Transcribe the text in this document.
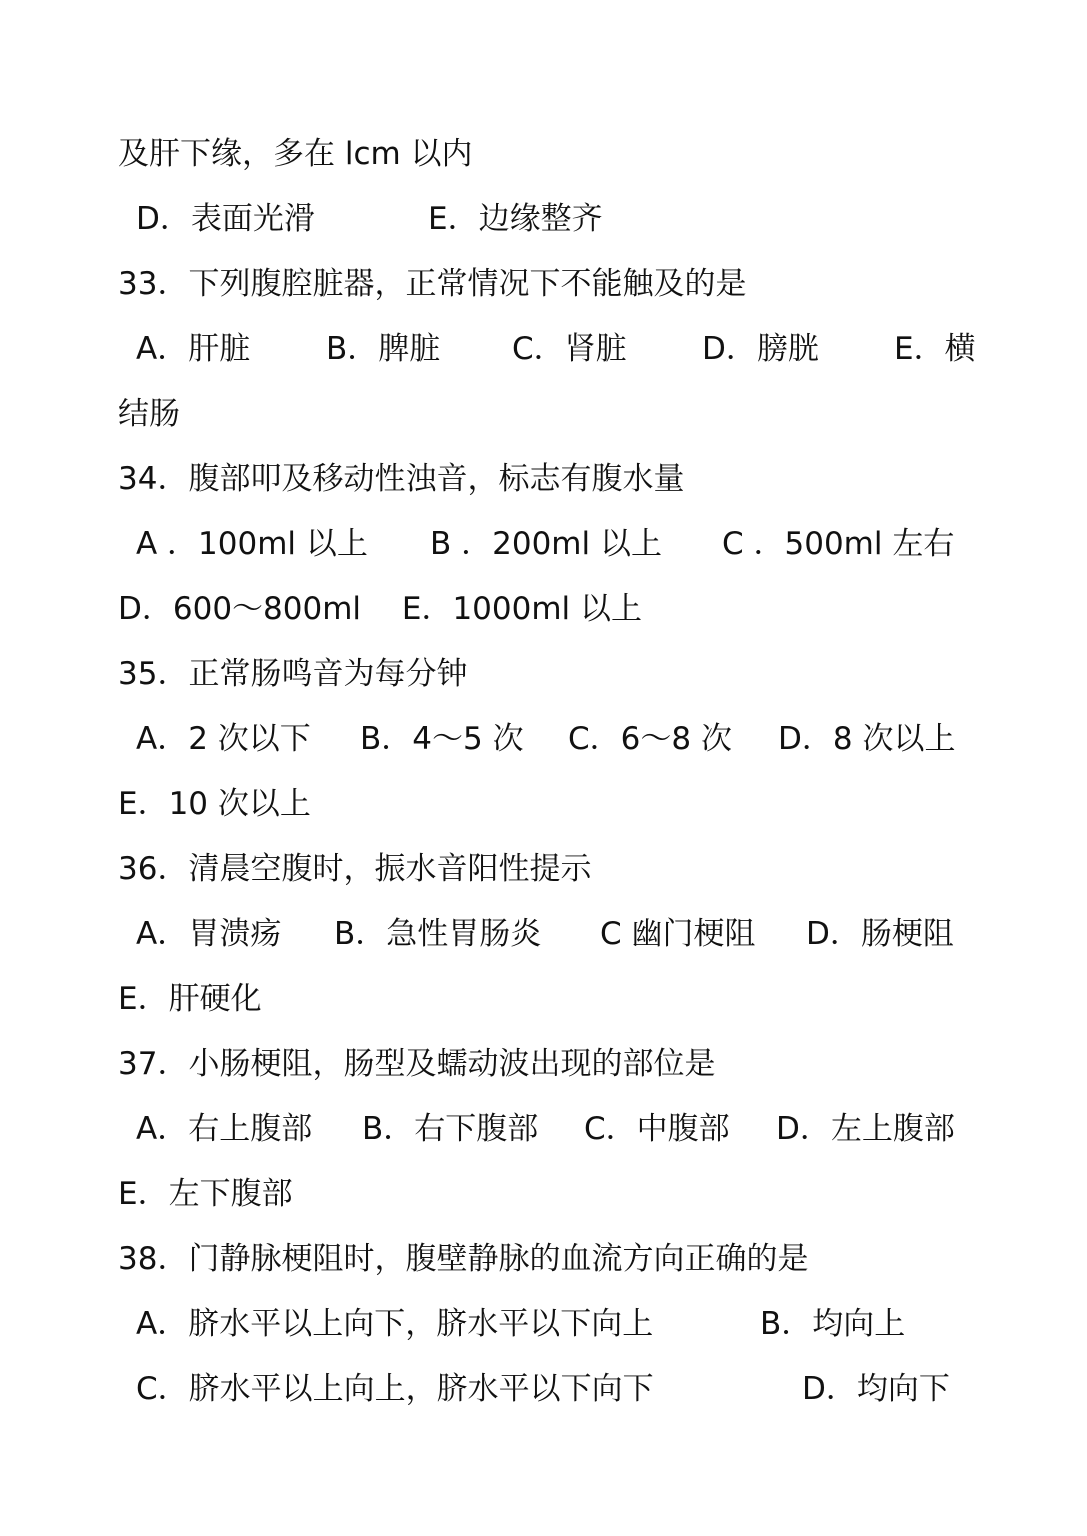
及肝下缘，多在 lcm 以内
D．表面光滑	E．边缘整齐
33．下列腹腔脏器，正常情况下不能触及的是
A．肝脏 B．脾脏 C．肾脏 D．膀胱 E．横
结肠
34．腹部叩及移动性浊音，标志有腹水量
A ．100ml 以上 B ．200ml 以上 C ．500ml 左右
D．600～800ml　 E．1000ml 以上
35．正常肠鸣音为每分钟
A．2 次以下 B．4～5 次 C．6～8 次 D．8 次以上
E．10 次以上
36．清晨空腹时，振水音阳性提示
A．胃溃疡 B．急性胃肠炎 C 幽门梗阻 D．肠梗阻
E．肝硬化
37．小肠梗阻，肠型及蠕动波出现的部位是
A．右上腹部 B．右下腹部 C．中腹部 D．左上腹部
E．左下腹部
38．门静脉梗阻时，腹壁静脉的血流方向正确的是
A．脐水平以上向下，脐水平以下向上	B．均向上
C．脐水平以上向上，脐水平以下向下	D．均向下
